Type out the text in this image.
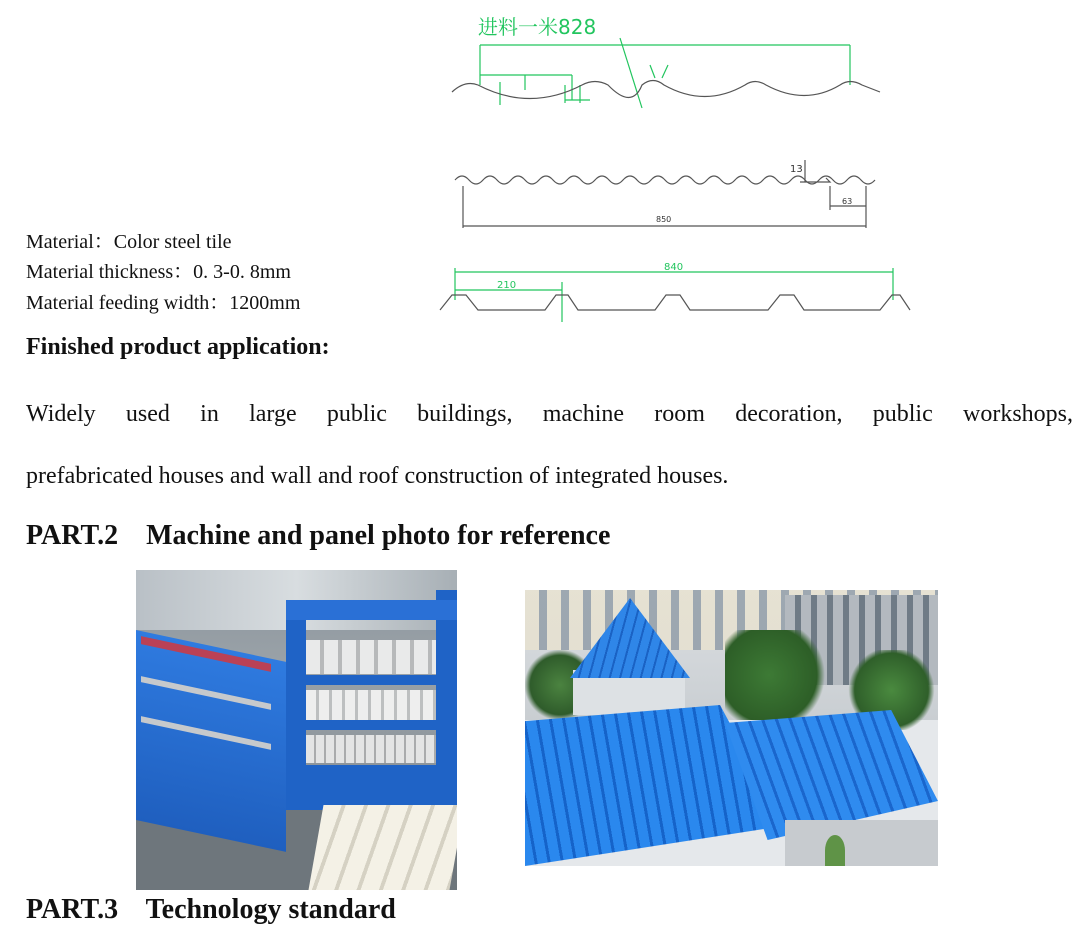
进料一米828
13
63
850
840
210
Material：Color steel tile
Material thickness：0. 3-0. 8mm
Material feeding width：1200mm
Finished product application:
Widely used in large public buildings, machine room decoration, public workshops,
prefabricated houses and wall and roof construction of integrated houses.
PART.2    Machine and panel photo for reference
PART.3    Technology standard
